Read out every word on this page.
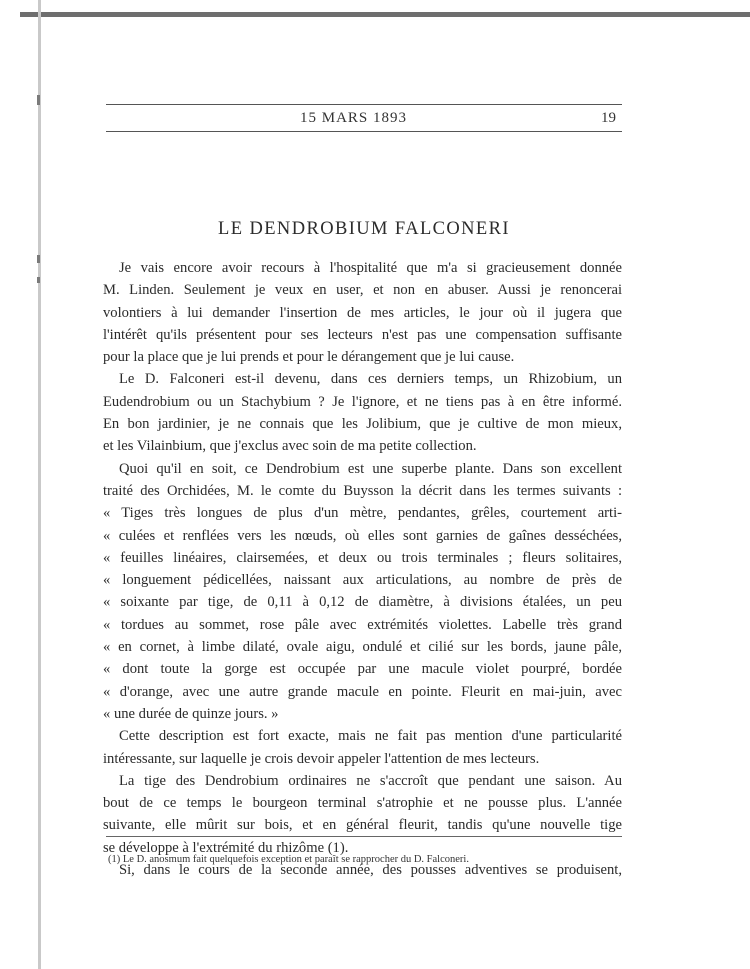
15 MARS 1893	19
LE DENDROBIUM FALCONERI
Je vais encore avoir recours à l'hospitalité que m'a si gracieusement donnée
M. Linden. Seulement je veux en user, et non en abuser. Aussi je renoncerai
volontiers à lui demander l'insertion de mes articles, le jour où il jugera que
l'intérêt qu'ils présentent pour ses lecteurs n'est pas une compensation suffisante
pour la place que je lui prends et pour le dérangement que je lui cause.
Le D. Falconeri est-il devenu, dans ces derniers temps, un Rhizobium, un
Eudendrobium ou un Stachybium ? Je l'ignore, et ne tiens pas à en être informé.
En bon jardinier, je ne connais que les Jolibium, que je cultive de mon mieux,
et les Vilainbium, que j'exclus avec soin de ma petite collection.
Quoi qu'il en soit, ce Dendrobium est une superbe plante. Dans son excellent
traité des Orchidées, M. le comte du Buysson la décrit dans les termes suivants :
« Tiges très longues de plus d'un mètre, pendantes, grêles, courtement arti-
« culées et renflées vers les nœuds, où elles sont garnies de gaînes desséchées,
« feuilles linéaires, clairsemées, et deux ou trois terminales ; fleurs solitaires,
« longuement pédicellées, naissant aux articulations, au nombre de près de
« soixante par tige, de 0,11 à 0,12 de diamètre, à divisions étalées, un peu
« tordues au sommet, rose pâle avec extrémités violettes. Labelle très grand
« en cornet, à limbe dilaté, ovale aigu, ondulé et cilié sur les bords, jaune pâle,
« dont toute la gorge est occupée par une macule violet pourpré, bordée
« d'orange, avec une autre grande macule en pointe. Fleurit en mai-juin, avec
« une durée de quinze jours. »
Cette description est fort exacte, mais ne fait pas mention d'une particularité
intéressante, sur laquelle je crois devoir appeler l'attention de mes lecteurs.
La tige des Dendrobium ordinaires ne s'accroît que pendant une saison. Au
bout de ce temps le bourgeon terminal s'atrophie et ne pousse plus. L'année
suivante, elle mûrit sur bois, et en général fleurit, tandis qu'une nouvelle tige
se développe à l'extrémité du rhizôme (1).
Si, dans le cours de la seconde année, des pousses adventives se produisent,
(1) Le D. anosmum fait quelquefois exception et paraît se rapprocher du D. Falconeri.
